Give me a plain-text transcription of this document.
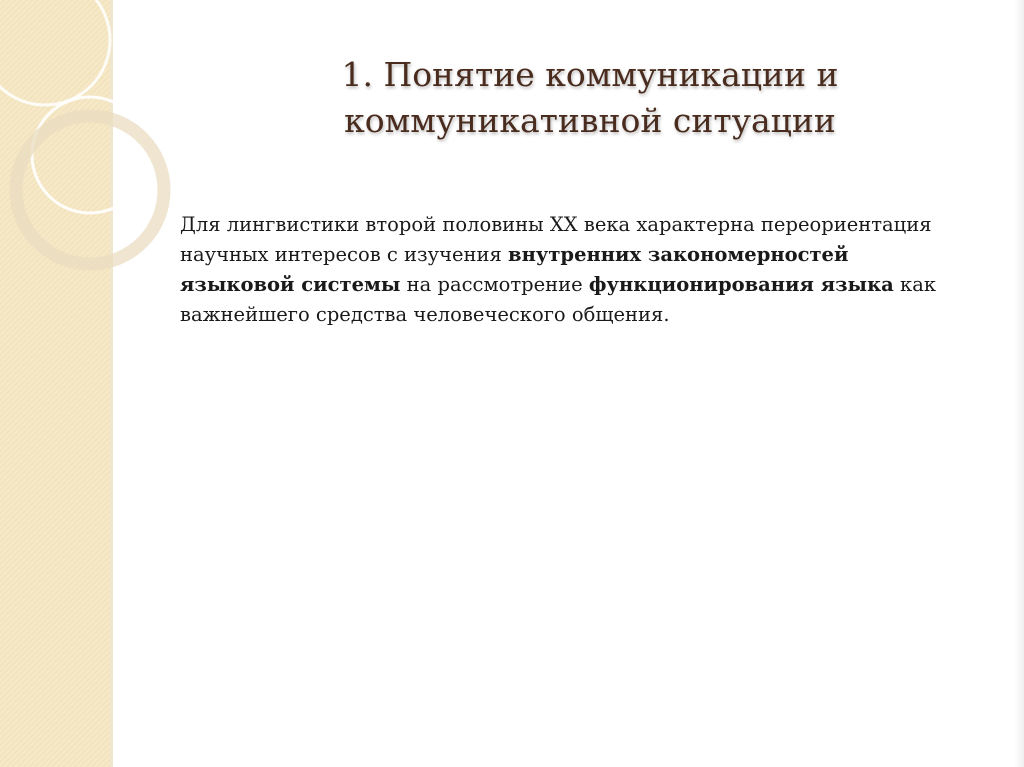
1. Понятие коммуникации и
коммуникативной ситуации

Для лингвистики второй половины XX века характерна переориентация научных интересов с изучения внутренних закономерностей языковой системы на рассмотрение функционирования языка как важнейшего средства человеческого общения.
